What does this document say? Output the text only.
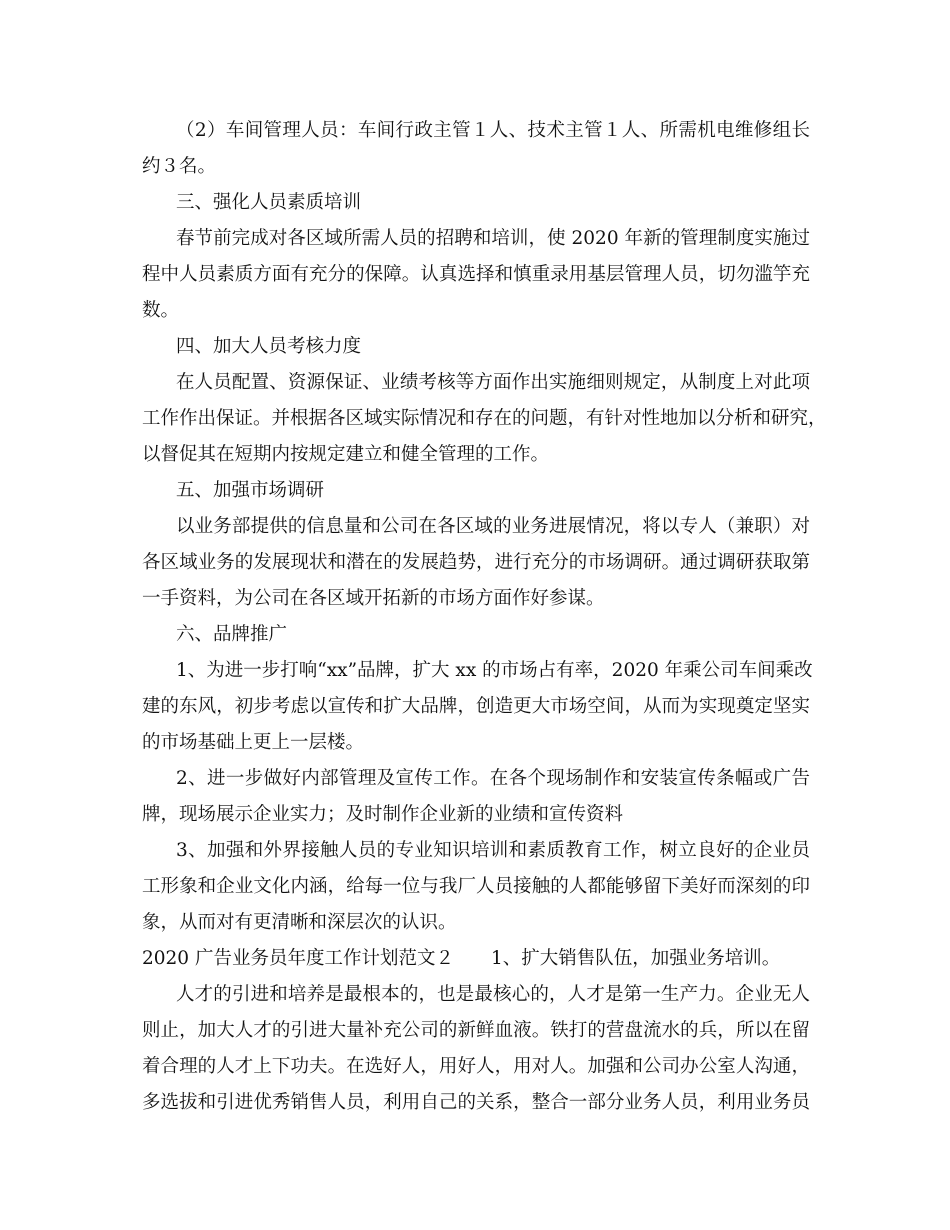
（2）车间管理人员：车间行政主管１人、技术主管１人、所需机电维修组长
约３名。
三、强化人员素质培训
春节前完成对各区域所需人员的招聘和培训，使 2020 年新的管理制度实施过
程中人员素质方面有充分的保障。认真选择和慎重录用基层管理人员，切勿滥竽充
数。
四、加大人员考核力度
在人员配置、资源保证、业绩考核等方面作出实施细则规定，从制度上对此项
工作作出保证。并根据各区域实际情况和存在的问题，有针对性地加以分析和研究，
以督促其在短期内按规定建立和健全管理的工作。
五、加强市场调研
以业务部提供的信息量和公司在各区域的业务进展情况，将以专人（兼职）对
各区域业务的发展现状和潜在的发展趋势，进行充分的市场调研。通过调研获取第
一手资料，为公司在各区域开拓新的市场方面作好参谋。
六、品牌推广
1、为进一步打响“xx”品牌，扩大 xx 的市场占有率，2020 年乘公司车间乘改
建的东风，初步考虑以宣传和扩大品牌，创造更大市场空间，从而为实现奠定坚实
的市场基础上更上一层楼。
2、进一步做好内部管理及宣传工作。在各个现场制作和安装宣传条幅或广告
牌，现场展示企业实力；及时制作企业新的业绩和宣传资料
3、加强和外界接触人员的专业知识培训和素质教育工作，树立良好的企业员
工形象和企业文化内涵，给每一位与我厂人员接触的人都能够留下美好而深刻的印
象，从而对有更清晰和深层次的认识。
2020 广告业务员年度工作计划范文２　　1、扩大销售队伍，加强业务培训。
人才的引进和培养是最根本的，也是最核心的，人才是第一生产力。企业无人
则止，加大人才的引进大量补充公司的新鲜血液。铁打的营盘流水的兵，所以在留
着合理的人才上下功夫。在选好人，用好人，用对人。加强和公司办公室人沟通，
多选拔和引进优秀销售人员，利用自己的关系，整合一部分业务人员，利用业务员
